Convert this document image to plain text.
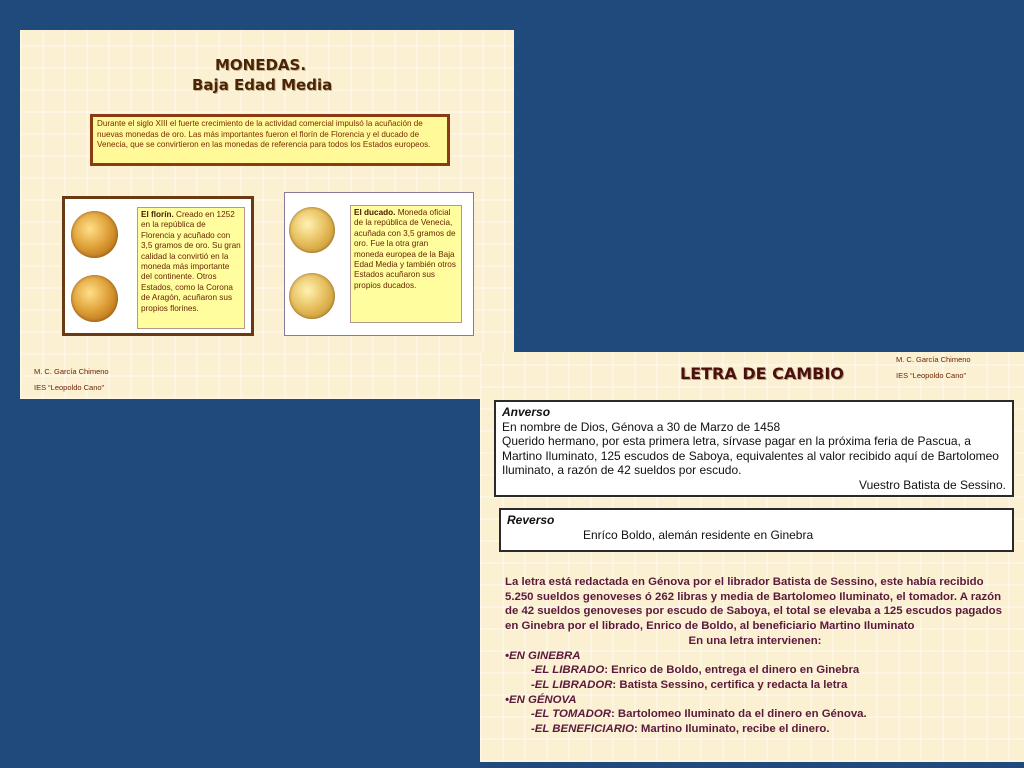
MONEDAS.
Baja Edad Media
Durante el siglo XIII el fuerte crecimiento de la actividad comercial impulsó la acuñación de nuevas monedas de oro. Las más importantes fueron el florín de Florencia y el ducado de Venecia, que se convirtieron en las monedas de referencia para todos los Estados europeos.
El florín. Creado en 1252 en la república de Florencia y acuñado con 3,5 gramos de oro. Su gran calidad la convirtió en la moneda más importante del continente. Otros Estados, como la Corona de Aragón, acuñaron sus propios florines.
El ducado. Moneda oficial de la república de Venecia, acuñada con 3,5 gramos de oro. Fue la otra gran moneda europea de la Baja Edad Media y también otros Estados acuñaron sus propios ducados.
M. C. García Chimeno
IES “Leopoldo Cano”
LETRA DE CAMBIO
M. C. García Chimeno
IES “Leopoldo Cano”
Anverso
En nombre de Dios, Génova a 30 de Marzo de 1458
Querido hermano, por esta primera letra, sírvase pagar en la próxima feria de Pascua, a Martino Iluminato, 125 escudos de Saboya, equivalentes al valor recibido aquí de Bartolomeo Iluminato, a razón de 42 sueldos por escudo.
Vuestro Batista de Sessino.
Reverso
Enríco Boldo, alemán residente en Ginebra
La letra está redactada en Génova por el librador Batista de Sessino, este había recibido 5.250 sueldos genoveses ó 262 libras y media de Bartolomeo Iluminato, el tomador. A razón de 42 sueldos genoveses por escudo de Saboya, el total se elevaba a 125 escudos pagados en Ginebra por el librado, Enrico de Boldo, al beneficiario Martino Iluminato
En una letra intervienen:
•EN GINEBRA
-EL LIBRADO: Enrico de Boldo, entrega el dinero en Ginebra
-EL LIBRADOR: Batista Sessino, certifica y redacta la letra
•EN GÉNOVA
-EL TOMADOR: Bartolomeo Iluminato da el dinero en Génova.
-EL BENEFICIARIO: Martino Iluminato, recibe el dinero.
